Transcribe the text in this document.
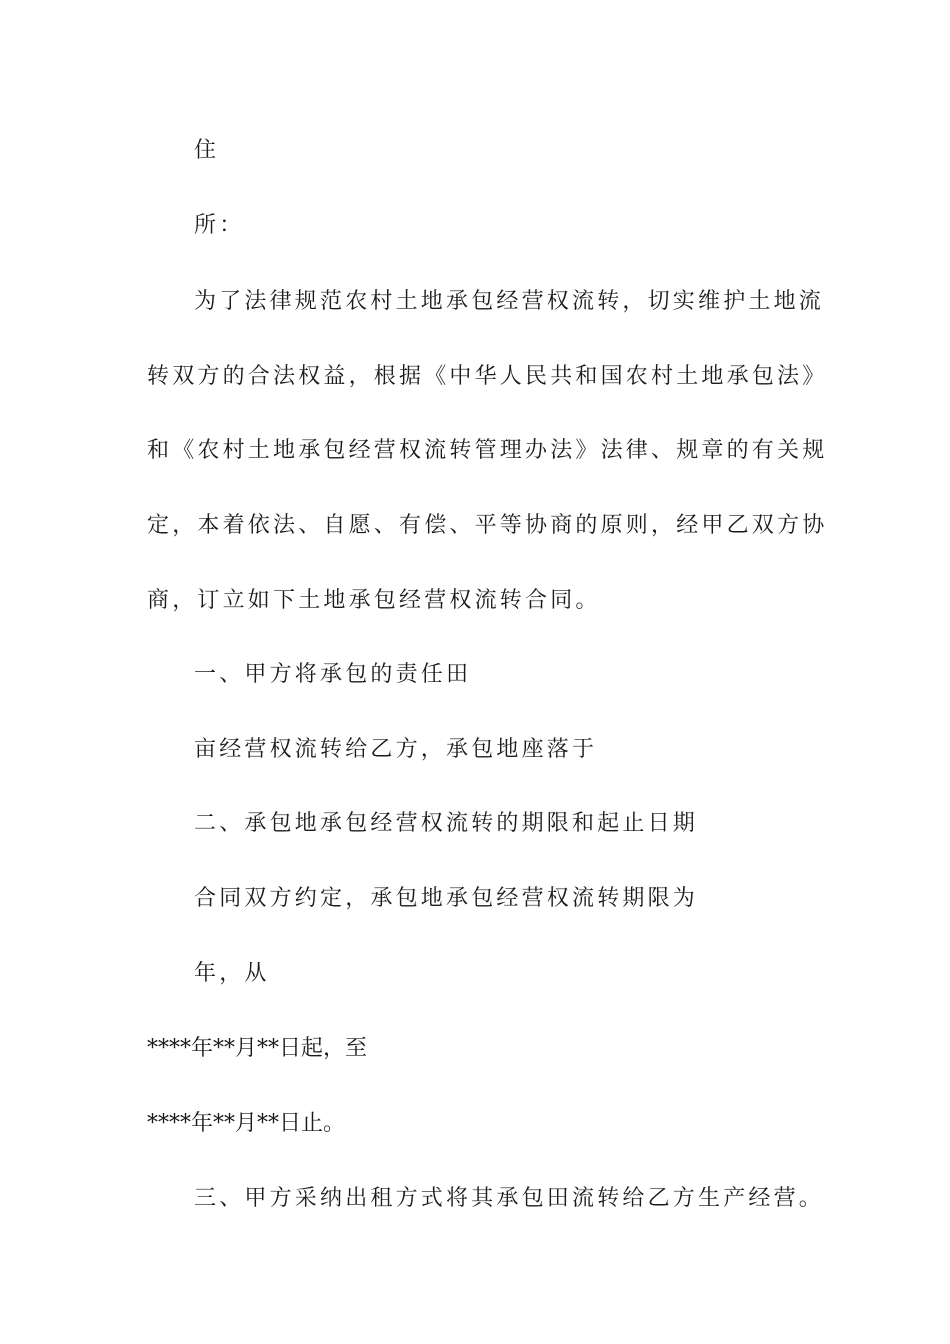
住
所：
为了法律规范农村土地承包经营权流转，切实维护土地流
转双方的合法权益，根据《中华人民共和国农村土地承包法》
和《农村土地承包经营权流转管理办法》法律、规章的有关规
定，本着依法、自愿、有偿、平等协商的原则，经甲乙双方协
商，订立如下土地承包经营权流转合同。
一、甲方将承包的责任田
亩经营权流转给乙方，承包地座落于
二、承包地承包经营权流转的期限和起止日期
合同双方约定，承包地承包经营权流转期限为
年，从
****年**月**日起，至
****年**月**日止。
三、甲方采纳出租方式将其承包田流转给乙方生产经营。
